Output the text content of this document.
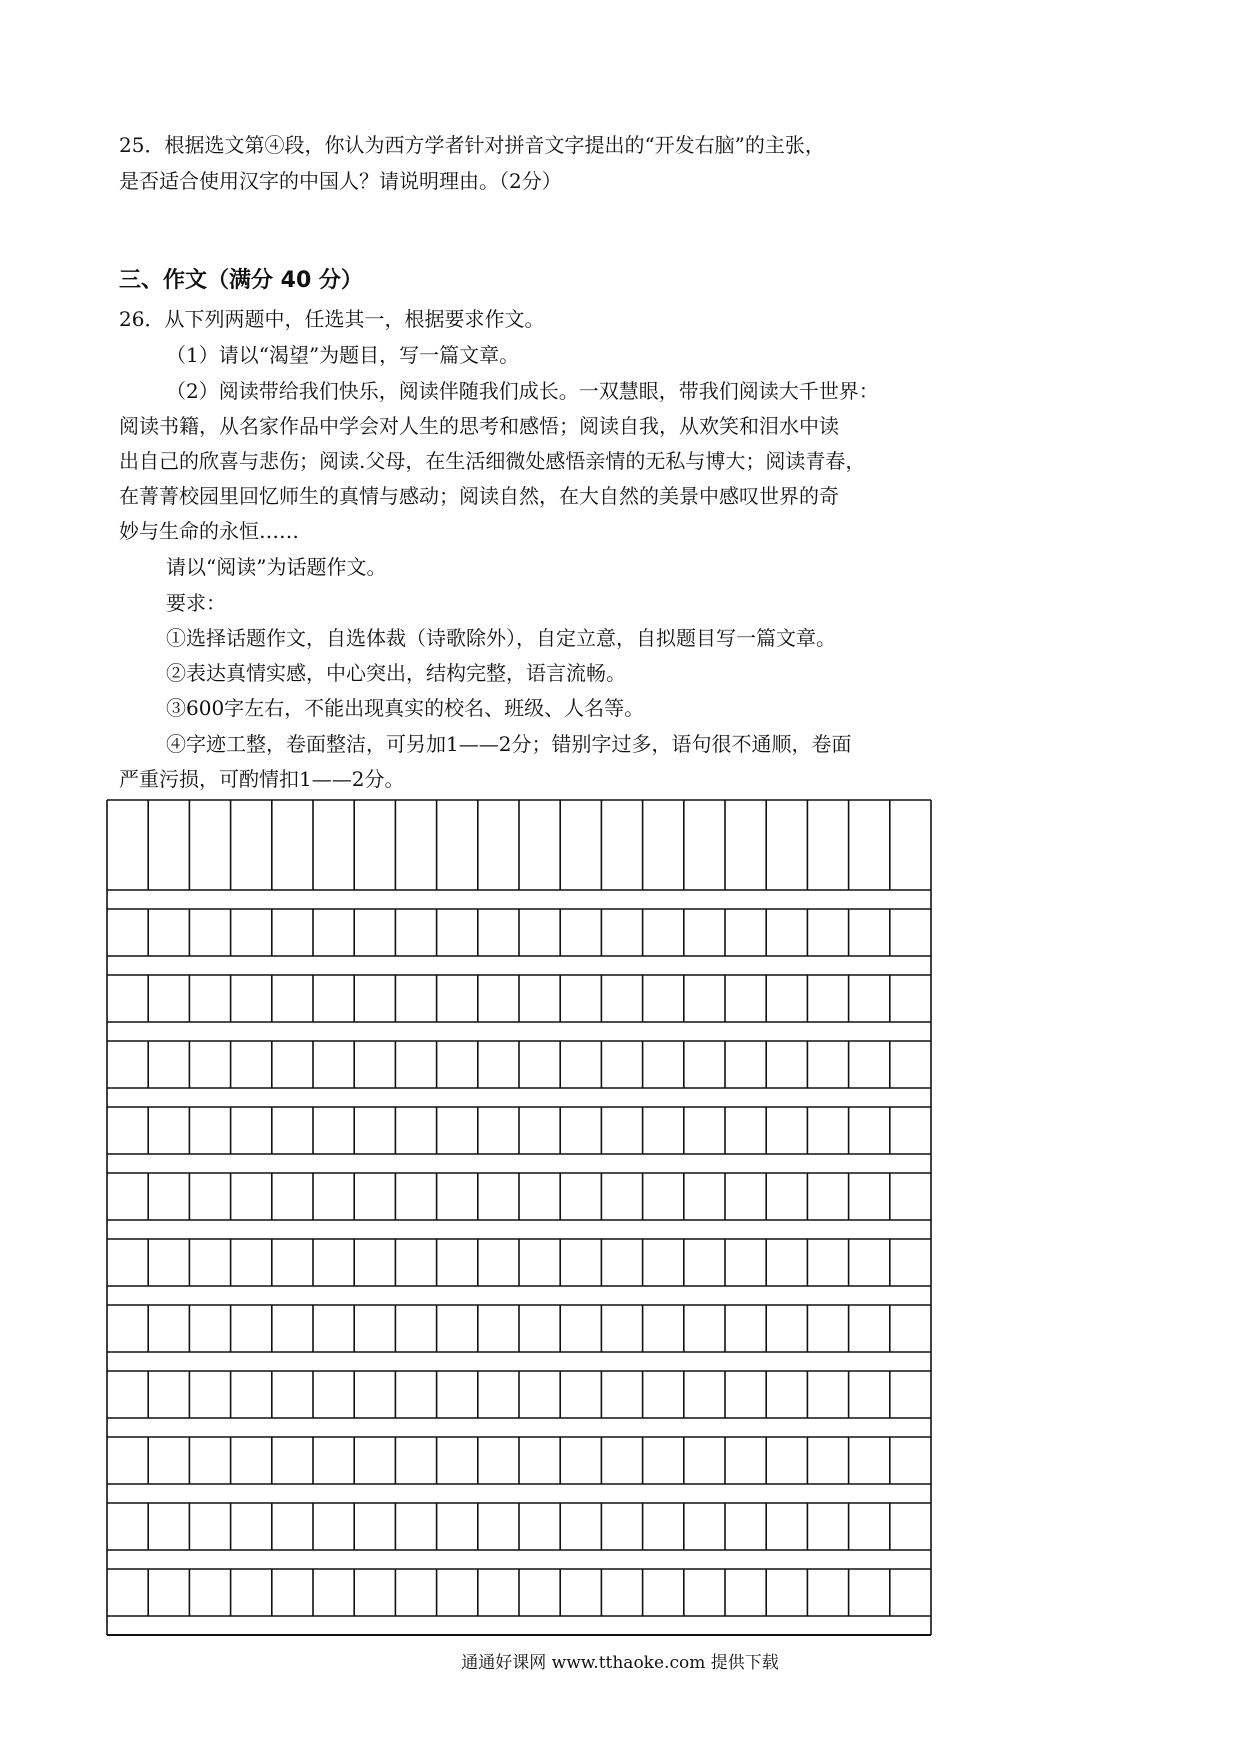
25．根据选文第④段，你认为西方学者针对拼音文字提出的“开发右脑”的主张，
是否适合使用汉字的中国人？请说明理由。（2分）
三、作文（满分 40 分）
26．从下列两题中，任选其一，根据要求作文。
（1）请以“渴望”为题目，写一篇文章。
（2）阅读带给我们快乐，阅读伴随我们成长。一双慧眼，带我们阅读大千世界：
阅读书籍，从名家作品中学会对人生的思考和感悟；阅读自我，从欢笑和泪水中读
出自己的欣喜与悲伤；阅读.父母，在生活细微处感悟亲情的无私与博大；阅读青春，
在菁菁校园里回忆师生的真情与感动；阅读自然，在大自然的美景中感叹世界的奇
妙与生命的永恒……
请以“阅读”为话题作文。
要求：
①选择话题作文，自选体裁（诗歌除外），自定立意，自拟题目写一篇文章。
②表达真情实感，中心突出，结构完整，语言流畅。
③600字左右，不能出现真实的校名、班级、人名等。
④字迹工整，卷面整洁，可另加1——2分；错别字过多，语句很不通顺，卷面
严重污损，可酌情扣1——2分。
通通好课网 www.tthaoke.com 提供下载
